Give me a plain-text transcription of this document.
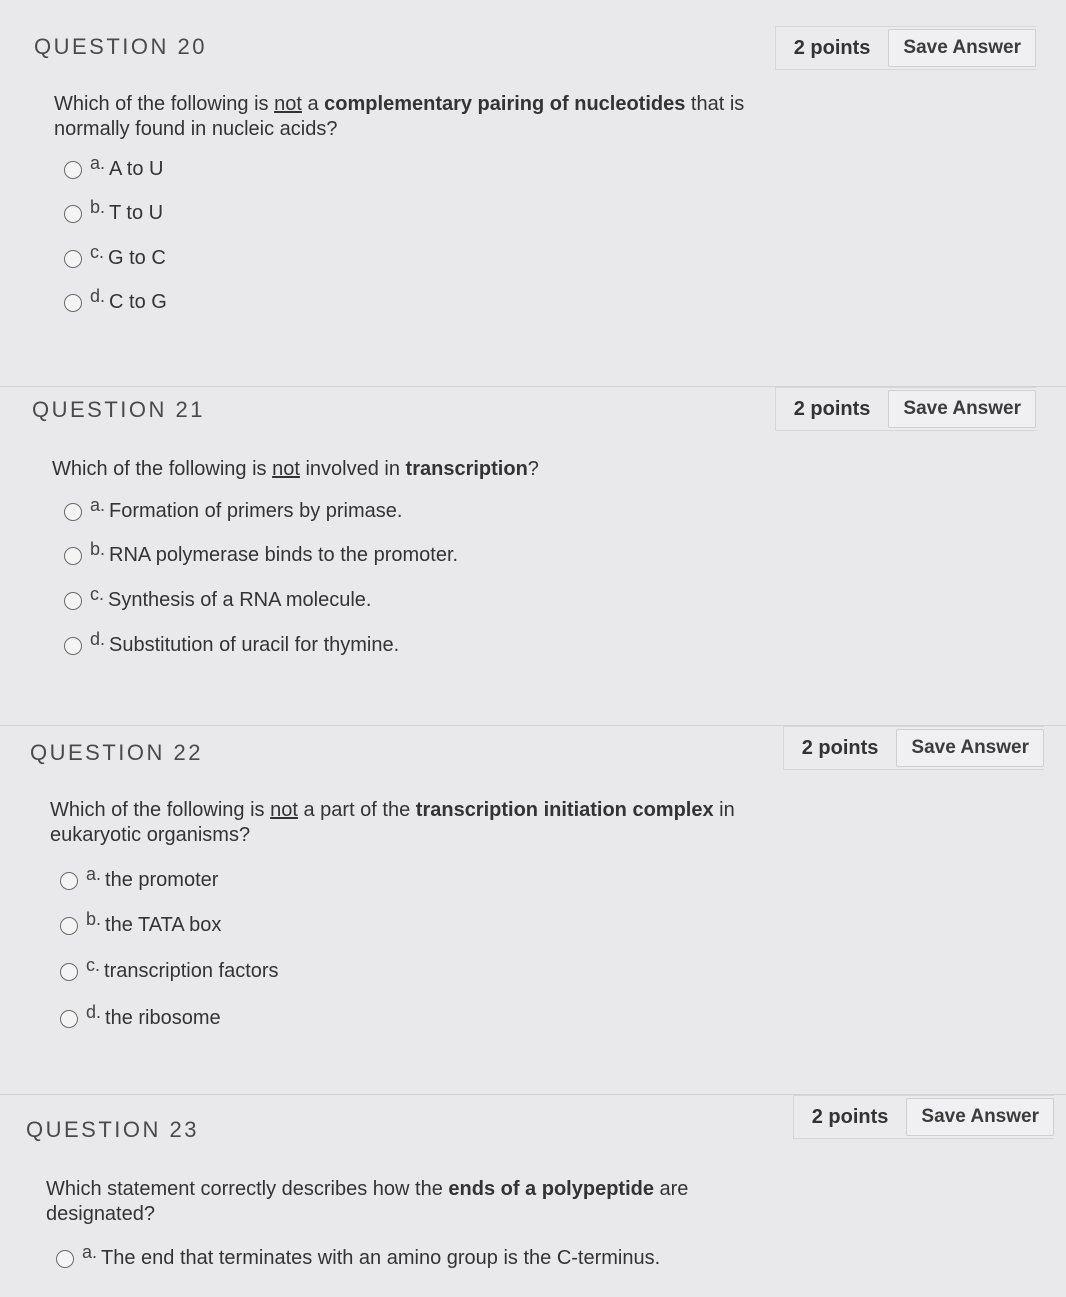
QUESTION 20	2 points	Save Answer
Which of the following is not a complementary pairing of nucleotides that is normally found in nucleic acids?
a. A to U
b. T to U
c. G to C
d. C to G
QUESTION 21	2 points	Save Answer
Which of the following is not involved in transcription?
a. Formation of primers by primase.
b. RNA polymerase binds to the promoter.
c. Synthesis of a RNA molecule.
d. Substitution of uracil for thymine.
QUESTION 22	2 points	Save Answer
Which of the following is not a part of the transcription initiation complex in eukaryotic organisms?
a. the promoter
b. the TATA box
c. transcription factors
d. the ribosome
QUESTION 23
2 points	Save Answer
Which statement correctly describes how the ends of a polypeptide are designated?
a. The end that terminates with an amino group is the C-terminus.
